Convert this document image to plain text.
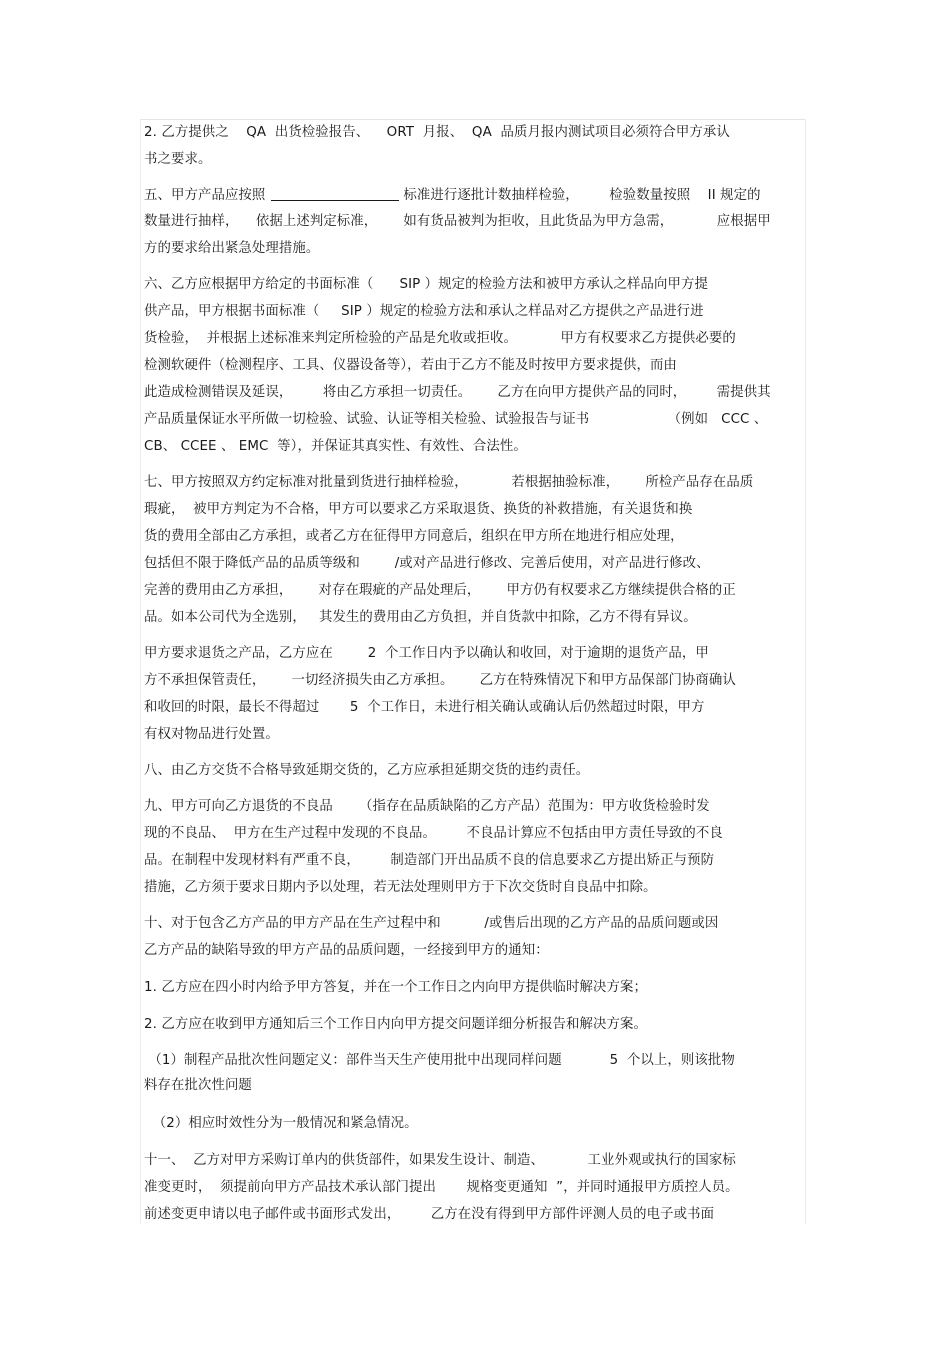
2. 乙方提供之    QA  出货检验报告、    ORT  月报、  QA  品质月报内测试项目必须符合甲方承认
书之要求。
五、甲方产品应按照	标准进行逐批计数抽样检验，       检验数量按照    II 规定的
数量进行抽样，    依据上述判定标准，      如有货品被判为拒收，且此货品为甲方急需，          应根据甲
方的要求给出紧急处理措施。
六、乙方应根据甲方给定的书面标准（      SIP ）规定的检验方法和被甲方承认之样品向甲方提
供产品，甲方根据书面标准（     SIP ）规定的检验方法和承认之样品对乙方提供之产品进行进
货检验，  并根据上述标准来判定所检验的产品是允收或拒收。          甲方有权要求乙方提供必要的
检测软硬件（检测程序、工具、仪器设备等），若由于乙方不能及时按甲方要求提供，而由
此造成检测错误及延误，       将由乙方承担一切责任。      乙方在向甲方提供产品的同时，       需提供其
产品质量保证水平所做一切检验、试验、认证等相关检验、试验报告与证书                  （例如   CCC 、
CB、 CCEE 、 EMC  等），并保证其真实性、有效性、合法性。
七、甲方按照双方约定标准对批量到货进行抽样检验，          若根据抽验标准，      所检产品存在品质
瑕疵，  被甲方判定为不合格，甲方可以要求乙方采取退货、换货的补救措施，有关退货和换
货的费用全部由乙方承担，或者乙方在征得甲方同意后，组织在甲方所在地进行相应处理，
包括但不限于降低产品的品质等级和        /或对产品进行修改、完善后使用，对产品进行修改、
完善的费用由乙方承担，      对存在瑕疵的产品处理后，      甲方仍有权要求乙方继续提供合格的正
品。如本公司代为全选别，   其发生的费用由乙方负担，并自货款中扣除，乙方不得有异议。
甲方要求退货之产品，乙方应在        2  个工作日内予以确认和收回，对于逾期的退货产品，甲
方不承担保管责任，      一切经济损失由乙方承担。      乙方在特殊情况下和甲方品保部门协商确认
和收回的时限，最长不得超过       5  个工作日，未进行相关确认或确认后仍然超过时限，甲方
有权对物品进行处置。
八、由乙方交货不合格导致延期交货的，乙方应承担延期交货的违约责任。
九、甲方可向乙方退货的不良品      （指存在品质缺陷的乙方产品）范围为：甲方收货检验时发
现的不良品、  甲方在生产过程中发现的不良品。       不良品计算应不包括由甲方责任导致的不良
品。在制程中发现材料有严重不良，       制造部门开出品质不良的信息要求乙方提出矫正与预防
措施，乙方须于要求日期内予以处理，若无法处理则甲方于下次交货时自良品中扣除。
十、对于包含乙方产品的甲方产品在生产过程中和          /或售后出现的乙方产品的品质问题或因
乙方产品的缺陷导致的甲方产品的品质问题，一经接到甲方的通知：
1. 乙方应在四小时内给予甲方答复，并在一个工作日之内向甲方提供临时解决方案；
2. 乙方应在收到甲方通知后三个工作日内向甲方提交问题详细分析报告和解决方案。
（1）制程产品批次性问题定义：部件当天生产使用批中出现同样问题           5  个以上，则该批物
料存在批次性问题
（2）相应时效性分为一般情况和紧急情况。
十一、  乙方对甲方采购订单内的供货部件，如果发生设计、制造、          工业外观或执行的国家标
准变更时，  须提前向甲方产品技术承认部门提出       规格变更通知  ”，并同时通报甲方质控人员。
前述变更申请以电子邮件或书面形式发出，       乙方在没有得到甲方部件评测人员的电子或书面
